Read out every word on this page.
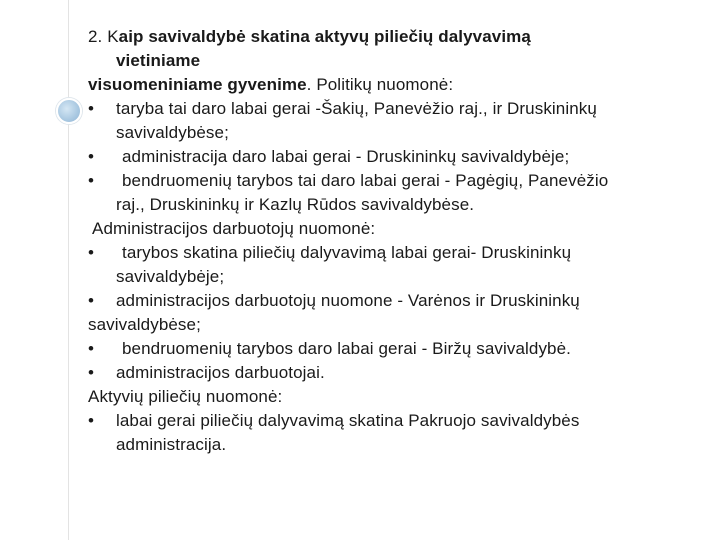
2. Kaip savivaldybė skatina aktyvų piliečių dalyvavimą
vietiniame
visuomeniniame gyvenime. Politikų nuomonė:
• taryba tai daro labai gerai -Šakių, Panevėžio raj., ir Druskininkų
savivaldybėse;
• administracija daro labai gerai - Druskininkų savivaldybėje;
• bendruomenių tarybos tai daro labai gerai - Pagėgių, Panevėžio
raj., Druskininkų ir Kazlų Rūdos savivaldybėse.
Administracijos darbuotojų nuomonė:
• tarybos skatina piliečių dalyvavimą labai gerai- Druskininkų
savivaldybėje;
• administracijos darbuotojų nuomone - Varėnos ir Druskininkų
savivaldybėse;
• bendruomenių tarybos daro labai gerai - Biržų savivaldybė.
• administracijos darbuotojai.
Aktyvių piliečių nuomonė:
• labai gerai piliečių dalyvavimą skatina Pakruojo savivaldybės
administracija.
